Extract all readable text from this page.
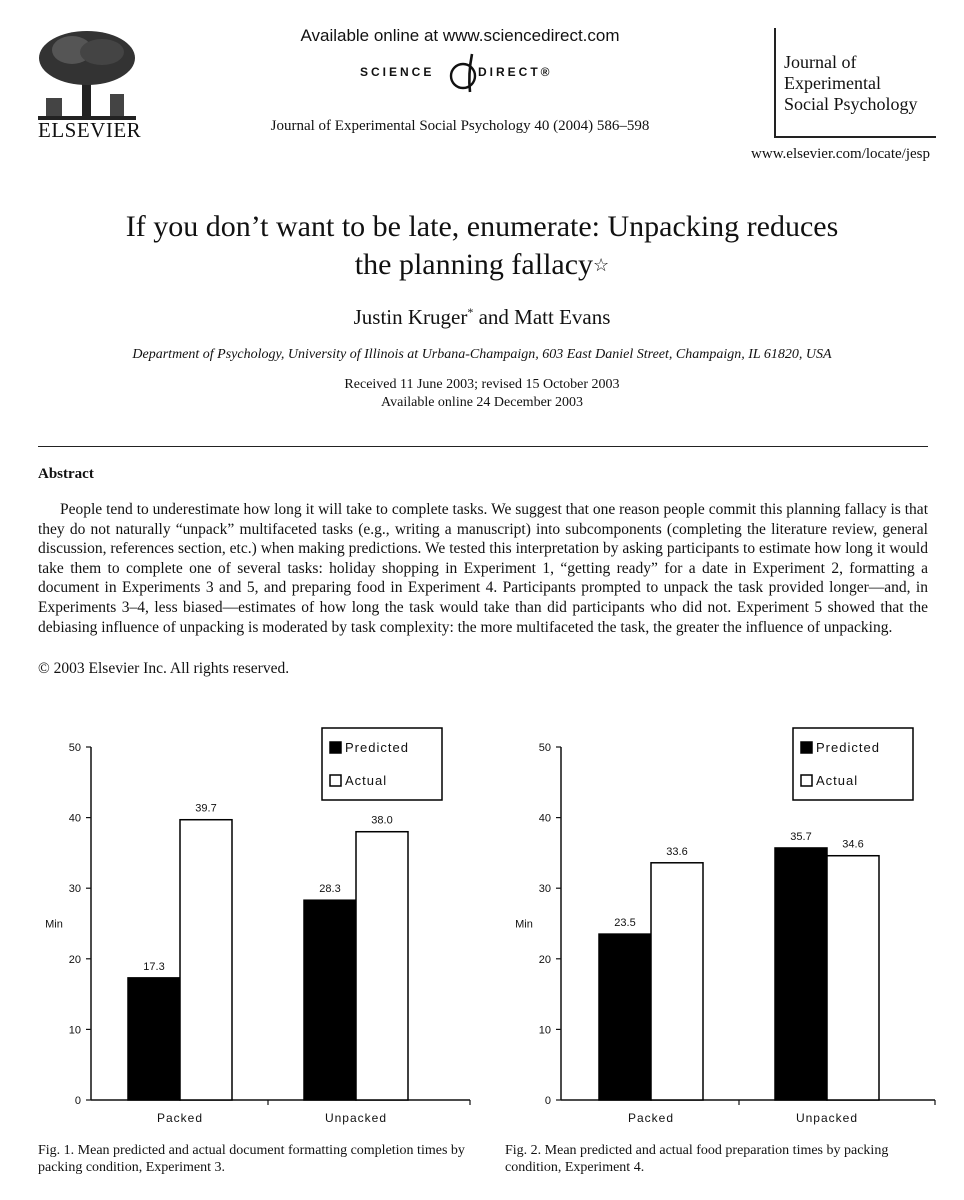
ELSEVIER
Available online at www.sciencedirect.com
SCIENCE	DIRECT®
Journal of Experimental Social Psychology 40 (2004) 586–598
Journal of
Experimental
Social Psychology
www.elsevier.com/locate/jesp
If you don’t want to be late, enumerate: Unpacking reduces
the planning fallacy☆
Justin Kruger* and Matt Evans
Department of Psychology, University of Illinois at Urbana-Champaign, 603 East Daniel Street, Champaign, IL 61820, USA
Received 11 June 2003; revised 15 October 2003
Available online 24 December 2003
Abstract
People tend to underestimate how long it will take to complete tasks. We suggest that one reason people commit this planning fallacy is that they do not naturally “unpack” multifaceted tasks (e.g., writing a manuscript) into subcomponents (completing the literature review, general discussion, references section, etc.) when making predictions. We tested this interpretation by asking participants to estimate how long it would take them to complete one of several tasks: holiday shopping in Experiment 1, “getting ready” for a date in Experiment 2, formatting a document in Experiments 3 and 5, and preparing food in Experiment 4. Participants prompted to unpack the task provided longer—and, in Experiments 3–4, less biased—estimates of how long the task would take than did participants who did not. Experiment 5 showed that the debiasing influence of unpacking is moderated by task complexity: the more multifaceted the task, the greater the influence of unpacking.
© 2003 Elsevier Inc. All rights reserved.
0
10
20
30
40
50
Min
17.3
39.7
Packed
28.3
38.0
Unpacked
Predicted
Actual
0
10
20
30
40
50
Min	23.5
33.6
Packed
35.7
34.6
Unpacked
Predicted
Actual
Fig. 1. Mean predicted and actual document formatting completion times by packing condition, Experiment 3.
Fig. 2. Mean predicted and actual food preparation times by packing condition, Experiment 4.
